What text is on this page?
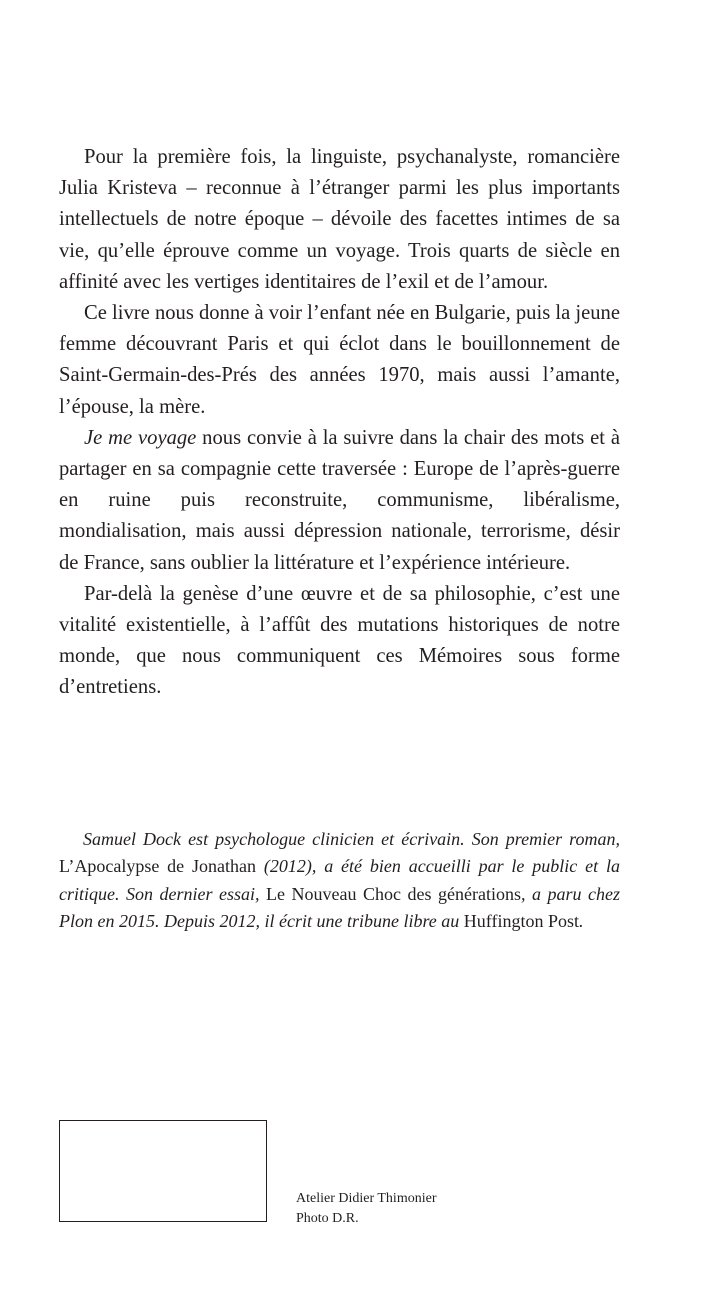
Pour la première fois, la linguiste, psychanalyste, romancière Julia Kristeva – reconnue à l’étranger parmi les plus importants intellectuels de notre époque – dévoile des facettes intimes de sa vie, qu’elle éprouve comme un voyage. Trois quarts de siècle en affinité avec les vertiges identitaires de l’exil et de l’amour.

Ce livre nous donne à voir l’enfant née en Bulgarie, puis la jeune femme découvrant Paris et qui éclot dans le bouillonnement de Saint-Germain-des-Prés des années 1970, mais aussi l’amante, l’épouse, la mère.

Je me voyage nous convie à la suivre dans la chair des mots et à partager en sa compagnie cette traversée : Europe de l’après-guerre en ruine puis reconstruite, communisme, libéralisme, mondialisation, mais aussi dépression nationale, terrorisme, désir de France, sans oublier la littérature et l’expérience intérieure.

Par-delà la genèse d’une œuvre et de sa philosophie, c’est une vitalité existentielle, à l’affût des mutations historiques de notre monde, que nous communiquent ces Mémoires sous forme d’entretiens.

Samuel Dock est psychologue clinicien et écrivain. Son premier roman, L’Apocalypse de Jonathan (2012), a été bien accueilli par le public et la critique. Son dernier essai, Le Nouveau Choc des générations, a paru chez Plon en 2015. Depuis 2012, il écrit une tribune libre au Huffington Post.

Atelier Didier Thimonier
Photo D.R.
